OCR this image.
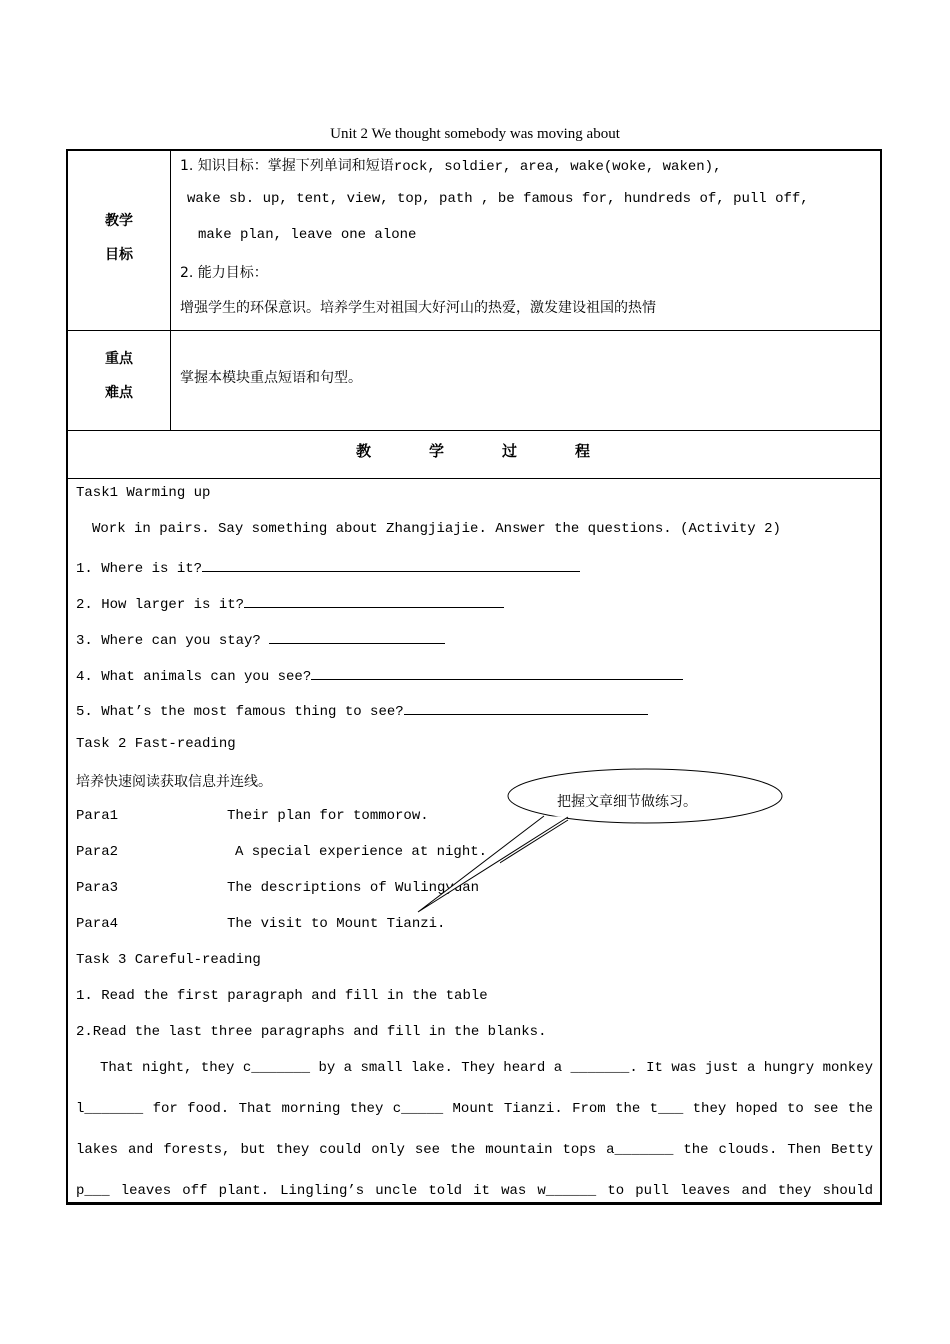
Unit 2 We thought somebody was moving about
教学
目标
1. 知识目标：掌握下列单词和短语rock, soldier, area, wake(woke, waken),
wake sb. up, tent, view, top, path , be famous for, hundreds of, pull off,
make plan, leave one alone
2. 能力目标：
增强学生的环保意识。培养学生对祖国大好河山的热爱，激发建设祖国的热情
重点
难点
掌握本模块重点短语和句型。
教	学	过	程
Task1 Warming up
Work in pairs. Say something about Zhangjiajie. Answer the questions. (Activity 2)
1. Where is it?
2. How larger is it?
3. Where can you stay?
4. What animals can you see?
5. What’s the most famous thing to see?
Task 2 Fast-reading
培养快速阅读获取信息并连线。
Para1	Their plan for tommorow.
Para2	A special experience at night.
Para3	The descriptions of Wulingyuan
Para4	The visit to Mount Tianzi.
把握文章细节做练习。
Task 3 Careful-reading
1. Read the first paragraph and fill in the table
2.Read the last three paragraphs and fill in the blanks.
That night, they c_______ by a small lake. They heard a _______. It was just a hungry monkey
l_______ for food. That morning they c_____ Mount Tianzi. From the t___ they hoped to see the
lakes and forests, but they could only see the mountain tops a_______ the clouds. Then Betty
p___ leaves off plant. Lingling’s uncle told it was w______ to pull leaves and they should
